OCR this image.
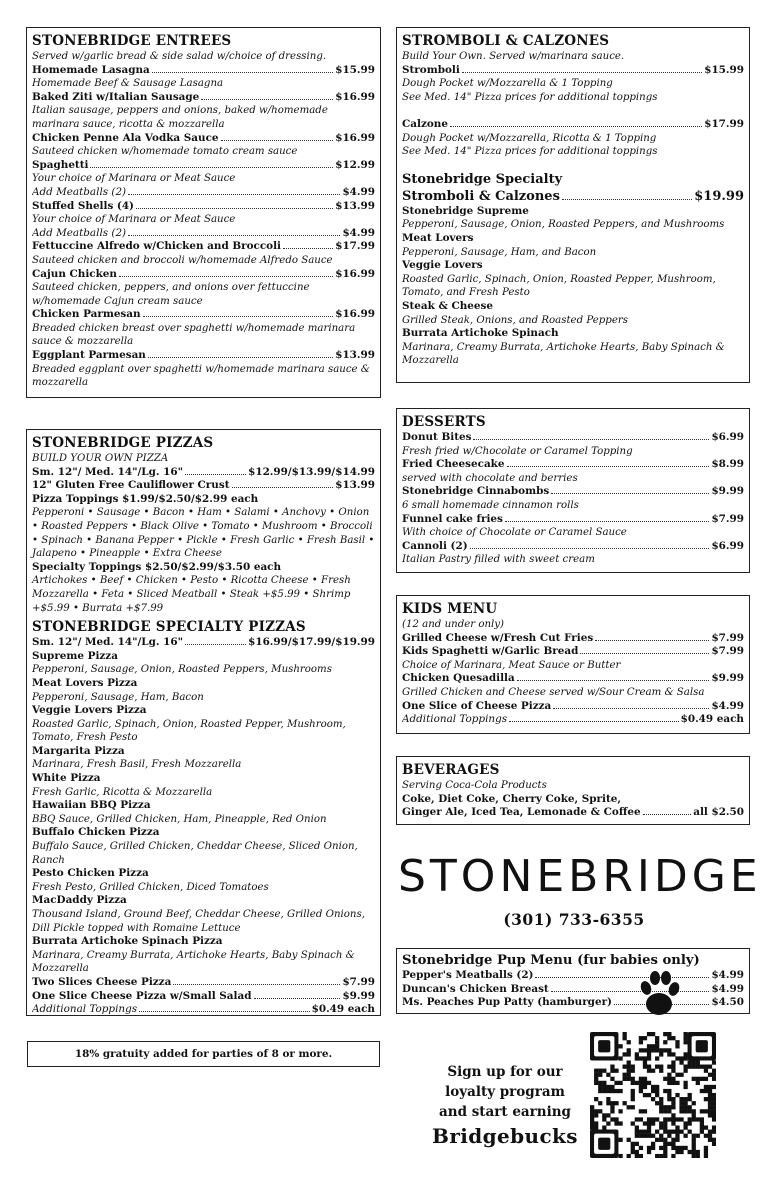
STONEBRIDGE ENTREES
Served w/garlic bread & side salad w/choice of dressing.
Homemade Lasagna	$15.99
Homemade Beef & Sausage Lasagna
Baked Ziti w/Italian Sausage	$16.99
Italian sausage, peppers and onions, baked w/homemade marinara sauce, ricotta & mozzarella
Chicken Penne Ala Vodka Sauce	$16.99
Sauteed chicken w/homemade tomato cream sauce
Spaghetti	$12.99
Your choice of Marinara or Meat Sauce
Add Meatballs (2)	$4.99
Stuffed Shells (4)	$13.99
Your choice of Marinara or Meat Sauce
Add Meatballs (2)	$4.99
Fettuccine Alfredo w/Chicken and Broccoli	$17.99
Sauteed chicken and broccoli w/homemade Alfredo Sauce
Cajun Chicken	$16.99
Sauteed chicken, peppers, and onions over fettuccine w/homemade Cajun cream sauce
Chicken Parmesan	$16.99
Breaded chicken breast over spaghetti w/homemade marinara sauce & mozzarella
Eggplant Parmesan	$13.99
Breaded eggplant over spaghetti w/homemade marinara sauce & mozzarella
STONEBRIDGE PIZZAS
BUILD YOUR OWN PIZZA
Sm. 12"/ Med. 14"/Lg. 16"	$12.99/$13.99/$14.99
12" Gluten Free Cauliflower Crust	$13.99
Pizza Toppings $1.99/$2.50/$2.99 each
Pepperoni • Sausage • Bacon • Ham • Salami • Anchovy • Onion • Roasted Peppers • Black Olive • Tomato • Mushroom • Broccoli • Spinach • Banana Pepper • Pickle • Fresh Garlic • Fresh Basil • Jalapeno • Pineapple • Extra Cheese
Specialty Toppings $2.50/$2.99/$3.50 each
Artichokes • Beef • Chicken • Pesto • Ricotta Cheese • Fresh Mozzarella • Feta • Sliced Meatball • Steak +$5.99 • Shrimp +$5.99 • Burrata +$7.99
STONEBRIDGE SPECIALTY PIZZAS
Sm. 12"/ Med. 14"/Lg. 16"	$16.99/$17.99/$19.99
Supreme Pizza
Pepperoni, Sausage, Onion, Roasted Peppers, Mushrooms
Meat Lovers Pizza
Pepperoni, Sausage, Ham, Bacon
Veggie Lovers Pizza
Roasted Garlic, Spinach, Onion, Roasted Pepper, Mushroom, Tomato, Fresh Pesto
Margarita Pizza
Marinara, Fresh Basil, Fresh Mozzarella
White Pizza
Fresh Garlic, Ricotta & Mozzarella
Hawaiian BBQ Pizza
BBQ Sauce, Grilled Chicken, Ham, Pineapple, Red Onion
Buffalo Chicken Pizza
Buffalo Sauce, Grilled Chicken, Cheddar Cheese, Sliced Onion, Ranch
Pesto Chicken Pizza
Fresh Pesto, Grilled Chicken, Diced Tomatoes
MacDaddy Pizza
Thousand Island, Ground Beef, Cheddar Cheese, Grilled Onions, Dill Pickle topped with Romaine Lettuce
Burrata Artichoke Spinach Pizza
Marinara, Creamy Burrata, Artichoke Hearts, Baby Spinach & Mozzarella
Two Slices Cheese Pizza	$7.99
One Slice Cheese Pizza w/Small Salad	$9.99
Additional Toppings	$0.49 each
18% gratuity added for parties of 8 or more.
STROMBOLI & CALZONES
Build Your Own. Served w/marinara sauce.
Stromboli	$15.99
Dough Pocket w/Mozzarella & 1 Topping
See Med. 14" Pizza prices for additional toppings
Calzone	$17.99
Dough Pocket w/Mozzarella, Ricotta & 1 Topping
See Med. 14" Pizza prices for additional toppings
Stonebridge Specialty
Stromboli & Calzones	$19.99
Stonebridge Supreme
Pepperoni, Sausage, Onion, Roasted Peppers, and Mushrooms
Meat Lovers
Pepperoni, Sausage, Ham, and Bacon
Veggie Lovers
Roasted Garlic, Spinach, Onion, Roasted Pepper, Mushroom, Tomato, and Fresh Pesto
Steak & Cheese
Grilled Steak, Onions, and Roasted Peppers
Burrata Artichoke Spinach
Marinara, Creamy Burrata, Artichoke Hearts, Baby Spinach & Mozzarella
DESSERTS
Donut Bites	$6.99
Fresh fried w/Chocolate or Caramel Topping
Fried Cheesecake	$8.99
served with chocolate and berries
Stonebridge Cinnabombs	$9.99
6 small homemade cinnamon rolls
Funnel cake fries	$7.99
With choice of Chocolate or Caramel Sauce
Cannoli (2)	$6.99
Italian Pastry filled with sweet cream
KIDS MENU
(12 and under only)
Grilled Cheese w/Fresh Cut Fries	$7.99
Kids Spaghetti w/Garlic Bread	$7.99
Choice of Marinara, Meat Sauce or Butter
Chicken Quesadilla	$9.99
Grilled Chicken and Cheese served w/Sour Cream & Salsa
One Slice of Cheese Pizza	$4.99
Additional Toppings	$0.49 each
BEVERAGES
Serving Coca-Cola Products
Coke, Diet Coke, Cherry Coke, Sprite,
Ginger Ale, Iced Tea, Lemonade & Coffee	all $2.50
STONEBRIDGE
(301) 733-6355
Stonebridge Pup Menu (fur babies only)
Pepper's Meatballs (2)	$4.99
Duncan's Chicken Breast	$4.99
Ms. Peaches Pup Patty (hamburger)	$4.50
Sign up for our
loyalty program
and start earning
Bridgebucks
